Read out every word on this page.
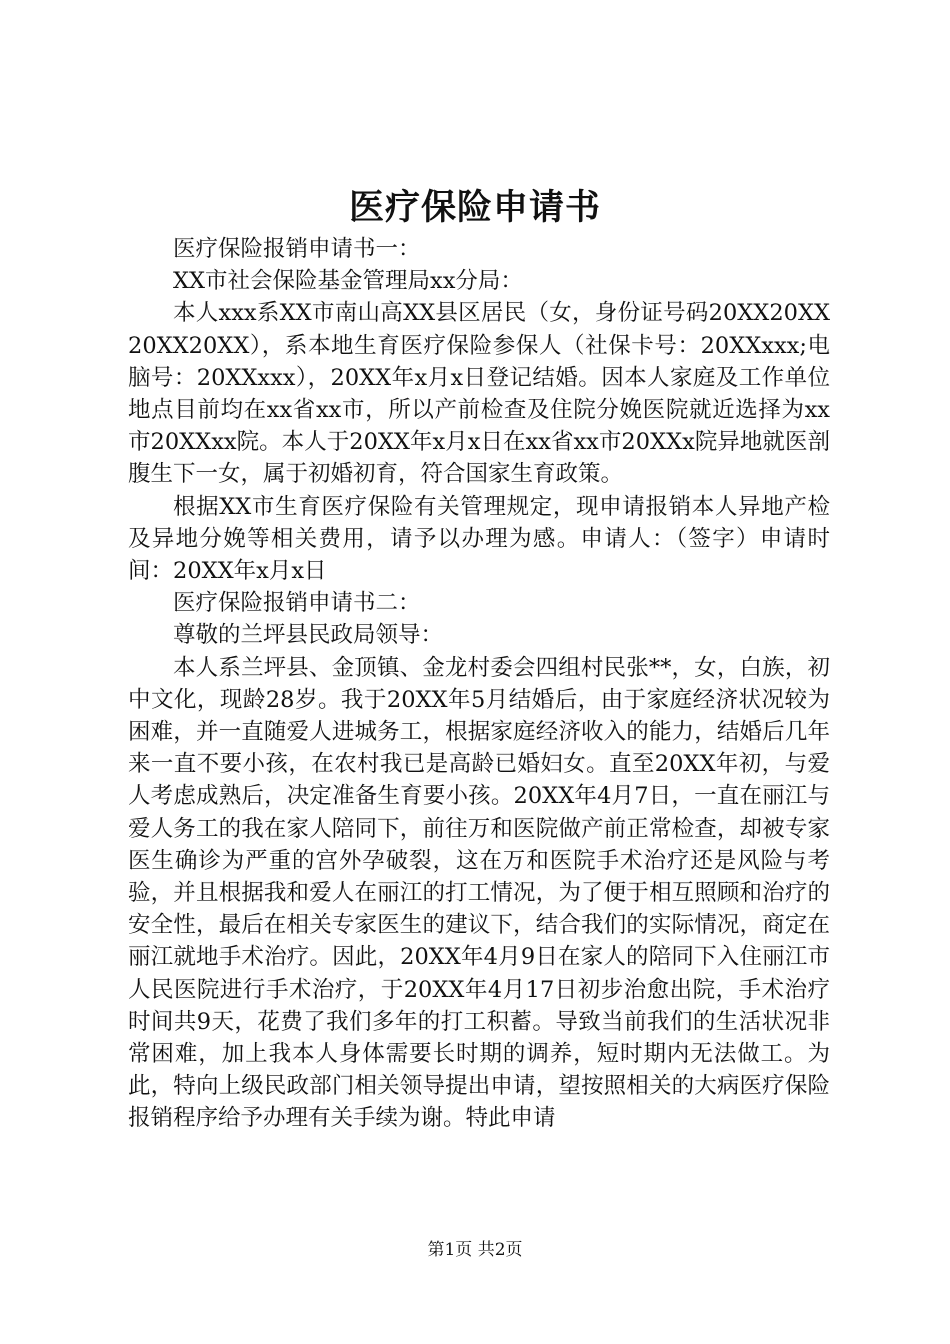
医疗保险申请书

医疗保险报销申请书一：

XX市社会保险基金管理局xx分局：

本人xxx系XX市南山高XX县区居民（女，身份证号码20XX20XX20XX20XX），系本地生育医疗保险参保人（社保卡号：20XXxxx;电脑号：20XXxxx），20XX年x月x日登记结婚。因本人家庭及工作单位地点目前均在xx省xx市，所以产前检查及住院分娩医院就近选择为xx市20XXxx院。本人于20XX年x月x日在xx省xx市20XXx院异地就医剖腹生下一女，属于初婚初育，符合国家生育政策。

根据XX市生育医疗保险有关管理规定，现申请报销本人异地产检及异地分娩等相关费用，请予以办理为感。申请人：（签字）申请时间：20XX年x月x日

医疗保险报销申请书二：

尊敬的兰坪县民政局领导：

本人系兰坪县、金顶镇、金龙村委会四组村民张**，女，白族，初中文化，现龄28岁。我于20XX年5月结婚后，由于家庭经济状况较为困难，并一直随爱人进城务工，根据家庭经济收入的能力，结婚后几年来一直不要小孩，在农村我已是高龄已婚妇女。直至20XX年初，与爱人考虑成熟后，决定准备生育要小孩。20XX年4月7日，一直在丽江与爱人务工的我在家人陪同下，前往万和医院做产前正常检查，却被专家医生确诊为严重的宫外孕破裂，这在万和医院手术治疗还是风险与考验，并且根据我和爱人在丽江的打工情况，为了便于相互照顾和治疗的安全性，最后在相关专家医生的建议下，结合我们的实际情况，商定在丽江就地手术治疗。因此，20XX年4月9日在家人的陪同下入住丽江市人民医院进行手术治疗，于20XX年4月17日初步治愈出院，手术治疗时间共9天，花费了我们多年的打工积蓄。导致当前我们的生活状况非常困难，加上我本人身体需要长时期的调养，短时期内无法做工。为此，特向上级民政部门相关领导提出申请，望按照相关的大病医疗保险报销程序给予办理有关手续为谢。特此申请

第1页 共2页
